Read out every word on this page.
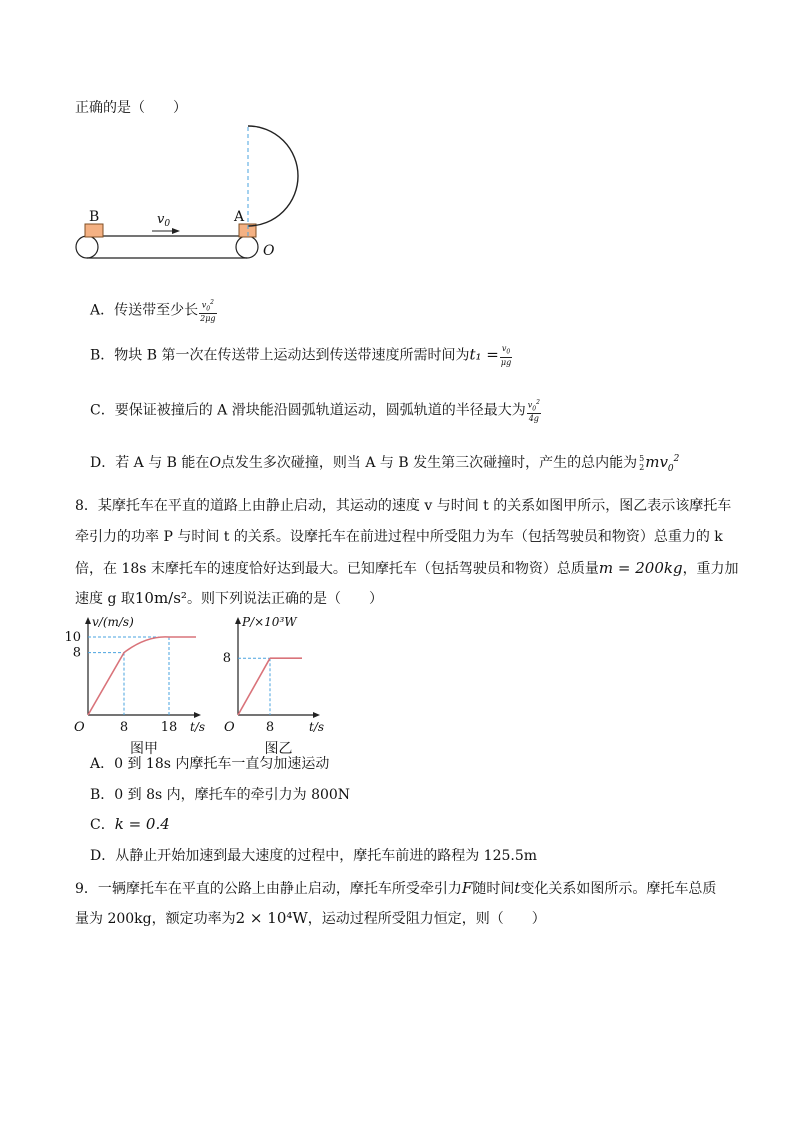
正确的是（　　）
B	$v_0$	A
O
A．传送带至少长 $\frac{v_0^2}{2\mu g}$
B．物块 B 第一次在传送带上运动达到传送带速度所需时间为$t_1 = \frac{v_0}{\mu g}$
C．要保证被撞后的 A 滑块能沿圆弧轨道运动，圆弧轨道的半径最大为 $\frac{v_0^2}{4g}$
D．若 A 与 B 能在O点发生多次碰撞，则当 A 与 B 发生第三次碰撞时，产生的总内能为 5
2 $mv_0^2$
8．某摩托车在平直的道路上由静止启动，其运动的速度 v 与时间 t 的关系如图甲所示，图乙表示该摩托车
牵引力的功率 P 与时间 t 的关系。设摩托车在前进过程中所受阻力为车（包括驾驶员和物资）总重力的 k
倍，在 18s 末摩托车的速度恰好达到最大。已知摩托车（包括驾驶员和物资）总质量m = 200kg，重力加
速度 g 取10m/s²。则下列说法正确的是（　　）
v/(m/s)
t/s
O
图甲
8
10
8	18
P/×10³W
t/s
O
图乙
8
8
A．0 到 18s 内摩托车一直匀加速运动
B．0 到 8s 内，摩托车的牵引力为 800N
C．k = 0.4
D．从静止开始加速到最大速度的过程中，摩托车前进的路程为 125.5m
9．一辆摩托车在平直的公路上由静止启动，摩托车所受牵引力F随时间t变化关系如图所示。摩托车总质
量为 200kg，额定功率为2 × 10⁴W，运动过程所受阻力恒定，则（　　）
